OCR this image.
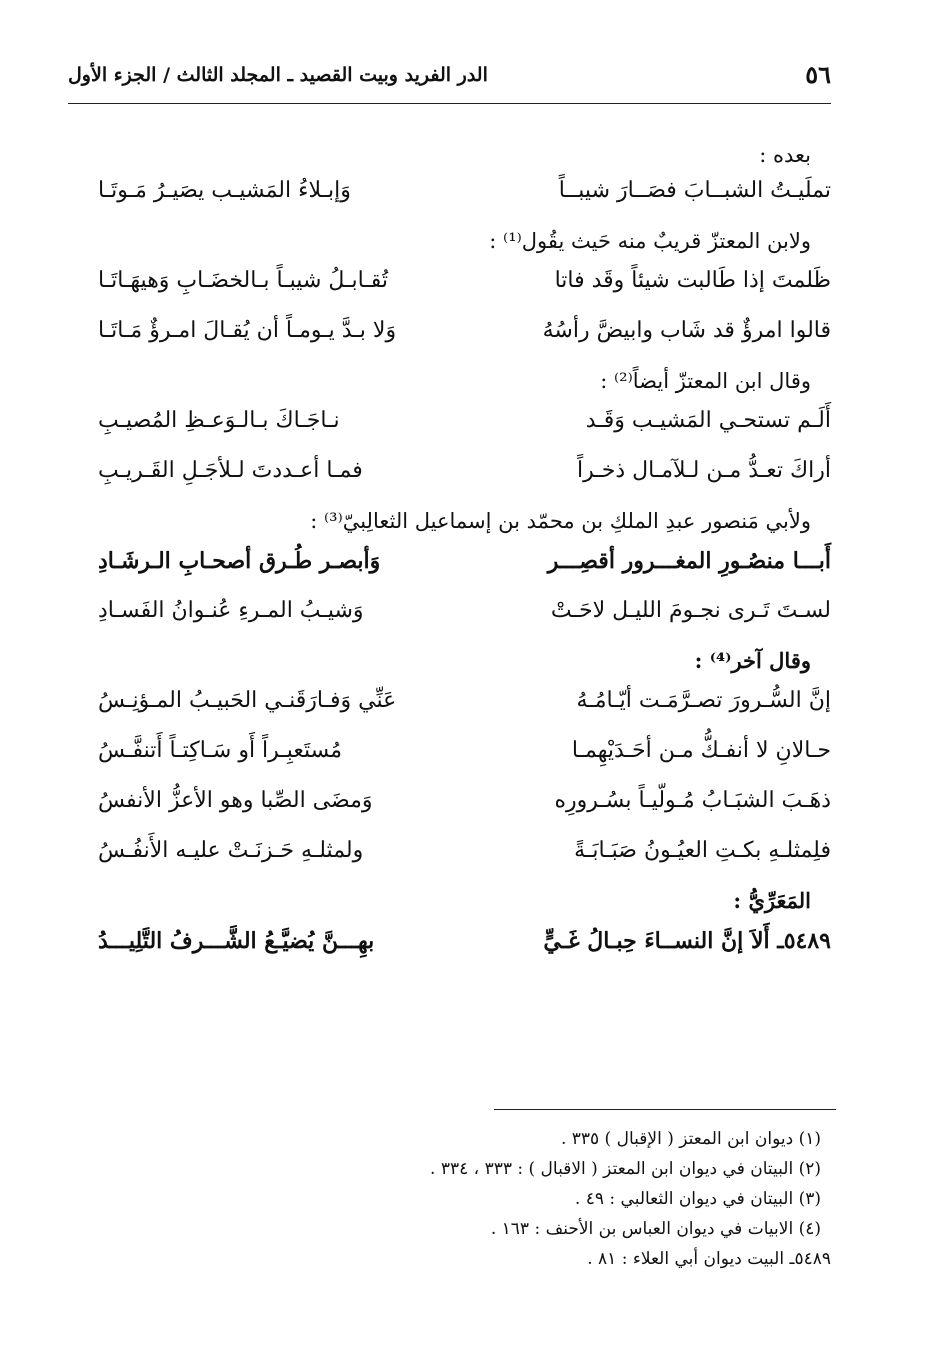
٥٦
الدر الفريد وبيت القصيد ـ المجلد الثالث / الجزء الأول

بعده :

تملَيـتُ الشبــابَ فصَــارَ شيبــاً
وَإبـلاءُ المَشيـب يصَيـرُ مَـوتَـا

ولابن المعتزّ قريبٌ منه حَيث يقُول⁽¹⁾ :

ظَلمتَ إذا طَالبت شيئاً وقَد فاتا
تُقـابـلُ شيبـاً بـالخضَـابِ وَهيهَـاتَـا
قالوا امرؤٌ قد شَاب وابيضَّ رأسُهُ
وَلا بـدَّ يـومـاً أن يُقـالَ امـرؤٌ مَـاتَـا

وقال ابن المعتزّ أيضاً⁽²⁾ :

أَلَـم تستحـي المَشيـب وَقَـد
نـاجَـاكَ بـالـوَعـظِ المُصيـبِ
أراكَ تعـدُّ مـن لـلآمـال ذخـراً
فمـا أعـددتَ لـلأجَـلِ القَـريـبِ

ولأبي مَنصور عبدِ الملكِ بن محمّد بن إسماعيل الثعالِبيّ⁽³⁾ :

أَبـــا منصُـورِ المغـــرور أقصِـــر
وَأبصـر طُـرق أصحـابِ الـرشَـادِ
لسـتَ تَـرى نجـومَ الليـل لاحَـتْ
وَشيـبُ المـرءِ عُنـوانُ الفَسـادِ

وقال آخر⁽⁴⁾ :

إنَّ السُّـرورَ تصـرَّمَـت أيّـامُـهُ
عَنِّي وَفـارَقَنـي الحَبيـبُ المـؤنِـسُ
حـالانِ لا أنفـكُّ مـن أحَـدَيْهِمـا
مُستَعبِـراً أَو سَـاكِتـاً أَتنفَّـسُ
ذهَـبَ الشبَـابُ مُـولّيـاً بسُـرورِه
وَمضَى الصِّبا وهو الأعزُّ الأنفسُ
فلِمثلـهِ بكـتِ العيُـونُ صَبَـابَـةً
ولمثلـهِ حَـزنَـتْ عليـه الأَنفُـسُ

المَعَرِّيُّ :

٥٤٨٩ـ أَلاَ إنَّ النســاءَ حِبـالُ غَـيٍّ
بهِـــنَّ يُضيَّـعُ الشَّـــرفُ التَّلِيـــدُ

(١) ديوان ابن المعتز ( الإقبال ) ٣٣٥ .

(٢) البيتان في ديوان ابن المعتز ( الاقبال ) : ٣٣٣ ، ٣٣٤ .

(٣) البيتان في ديوان الثعالبي : ٤٩ .

(٤) الابيات في ديوان العباس بن الأحنف : ١٦٣ .

٥٤٨٩ـ البيت ديوان أبي العلاء : ٨١ .
